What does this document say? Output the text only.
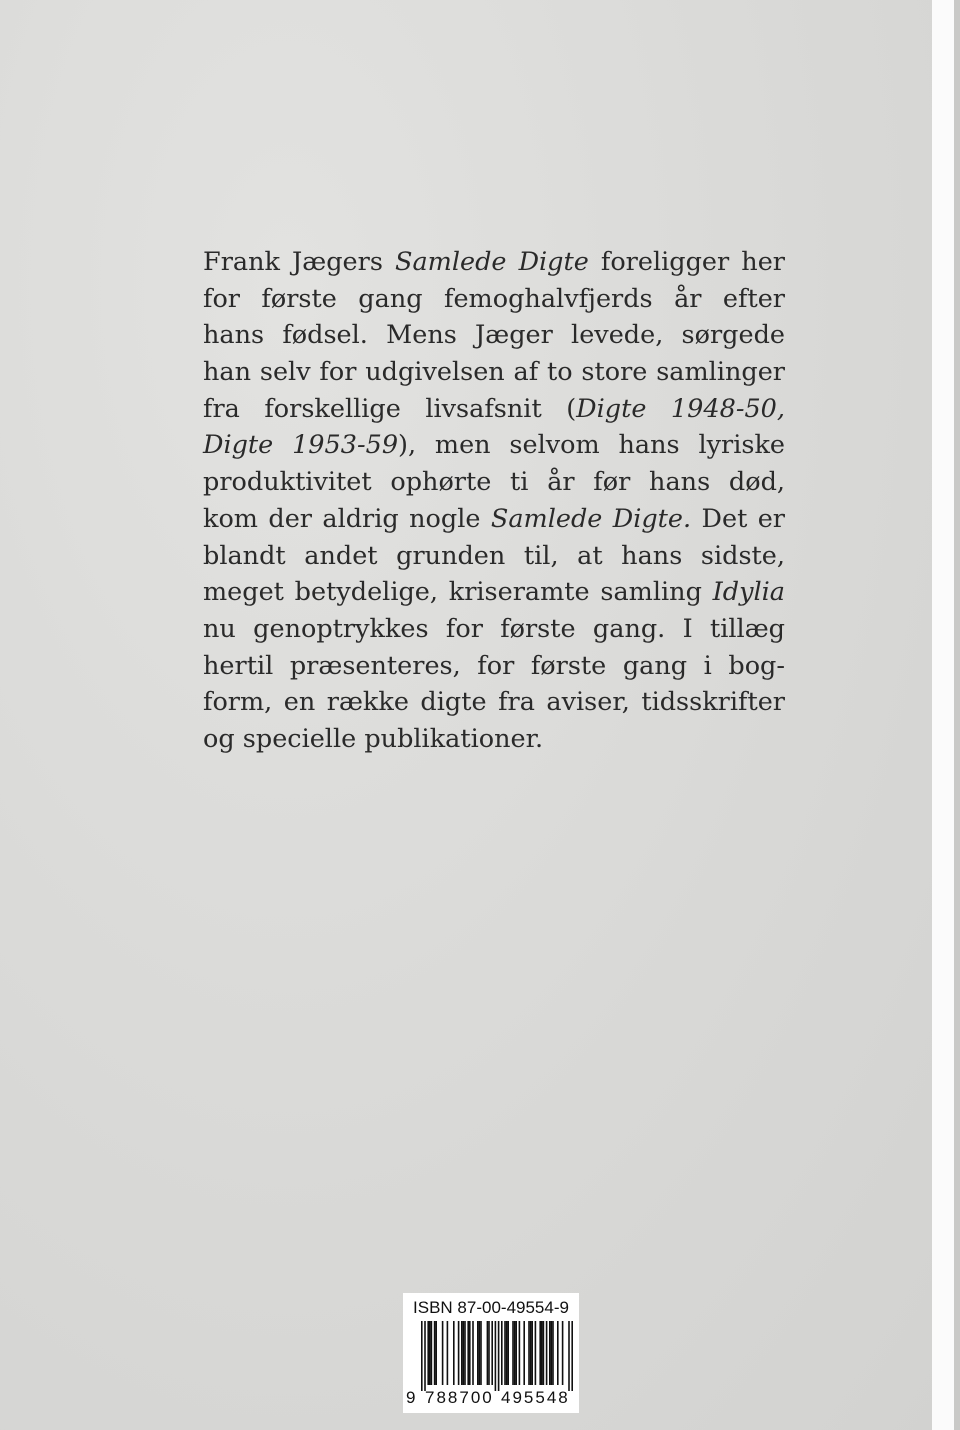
Frank Jægers Samlede Digte foreligger her
for første gang femoghalvfjerds år efter
hans fødsel. Mens Jæger levede, sørgede
han selv for udgivelsen af to store samlinger
fra forskellige livsafsnit (Digte 1948-50,
Digte 1953-59), men selvom hans lyriske
produktivitet ophørte ti år før hans død,
kom der aldrig nogle Samlede Digte. Det er
blandt andet grunden til, at hans sidste,
meget betydelige, kriseramte samling Idylia
nu genoptrykkes for første gang. I tillæg
hertil præsenteres, for første gang i bog-
form, en række digte fra aviser, tidsskrifter
og specielle publikationer.
ISBN 87-00-49554-9
9 788700 495548
